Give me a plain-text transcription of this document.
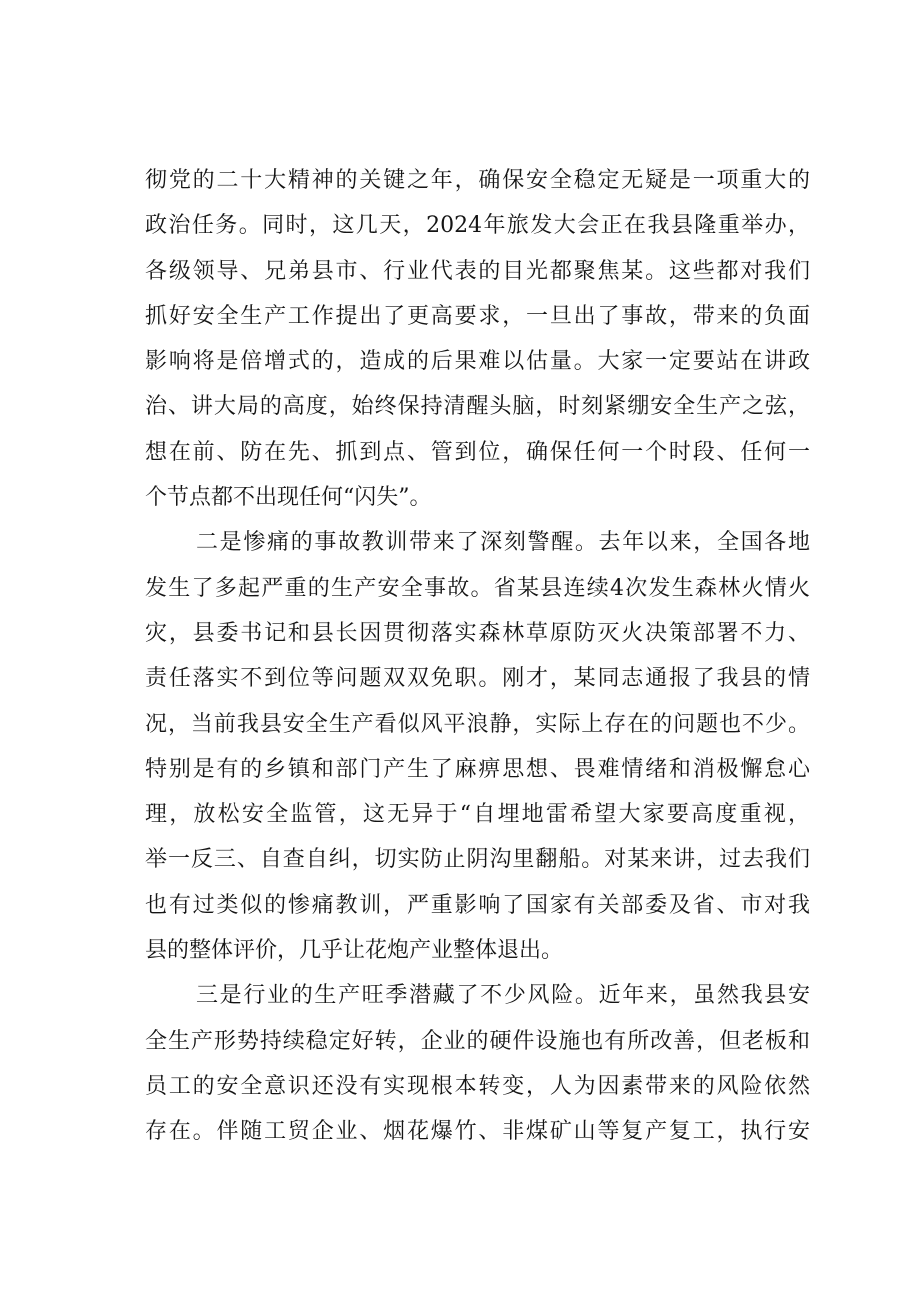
彻党的二十大精神的关键之年，确保安全稳定无疑是一项重大的
政治任务。同时，这几天，2024年旅发大会正在我县隆重举办，
各级领导、兄弟县市、行业代表的目光都聚焦某。这些都对我们
抓好安全生产工作提出了更高要求，一旦出了事故，带来的负面
影响将是倍增式的，造成的后果难以估量。大家一定要站在讲政
治、讲大局的高度，始终保持清醒头脑，时刻紧绷安全生产之弦，
想在前、防在先、抓到点、管到位，确保任何一个时段、任何一
个节点都不出现任何“闪失”。
二是惨痛的事故教训带来了深刻警醒。去年以来，全国各地
发生了多起严重的生产安全事故。省某县连续4次发生森林火情火
灾，县委书记和县长因贯彻落实森林草原防灭火决策部署不力、
责任落实不到位等问题双双免职。刚才，某同志通报了我县的情
况，当前我县安全生产看似风平浪静，实际上存在的问题也不少。
特别是有的乡镇和部门产生了麻痹思想、畏难情绪和消极懈怠心
理，放松安全监管，这无异于“自埋地雷希望大家要高度重视，
举一反三、自查自纠，切实防止阴沟里翻船。对某来讲，过去我们
也有过类似的惨痛教训，严重影响了国家有关部委及省、市对我
县的整体评价，几乎让花炮产业整体退出。
三是行业的生产旺季潜藏了不少风险。近年来，虽然我县安
全生产形势持续稳定好转，企业的硬件设施也有所改善，但老板和
员工的安全意识还没有实现根本转变，人为因素带来的风险依然
存在。伴随工贸企业、烟花爆竹、非煤矿山等复产复工，执行安
